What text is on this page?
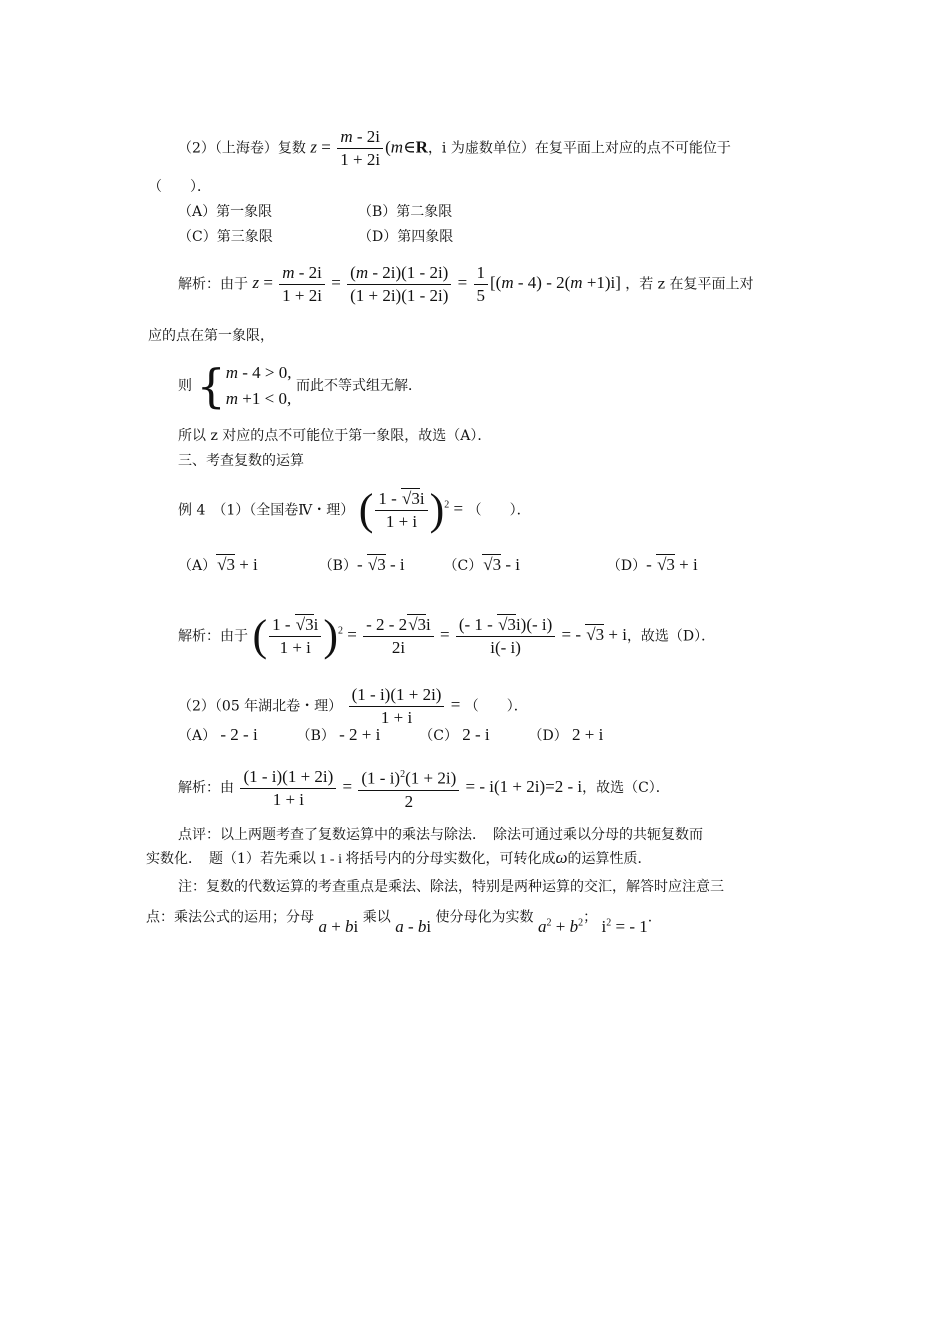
（2）（上海卷）复数 $z = \frac{m - 2i}{1 + 2i}$ (m∈R，i 为虚数单位）在复平面上对应的点不可能位于
（　　）．
（A）第一象限	（B）第二象限
（C）第三象限	（D）第四象限
解析：由于 $z = \frac{m - 2i}{1 + 2i} = \frac{(m - 2i)(1 - 2i)}{(1 + 2i)(1 - 2i)} = \frac{1}{5} [(m - 4) - 2(m +1)i]$ ，若 z 在复平面上对
应的点在第一象限，
则 {m - 4 > 0,
m +1 < 0, 而此不等式组无解．
所以 z 对应的点不可能位于第一象限，故选（A）．
三、考查复数的运算
例 4　（1）（全国卷Ⅳ・理） ( $\frac{1 - √3i}{1 + i} )^2$ = （　　）．
（A）√3 + i	（B）- √3 - i	（C）√3 - i	（D）- √3 + i
解析：由于 ( $\frac{1 - √3i}{1 + i} )^2 = \frac{- 2 - 2√3i}{2i} = \frac{(- 1 - √3i)(- i)}{i(- i)}$ = - √3 + i，故选（D）．
（2）（05 年湖北卷・理） $\frac{(1 - i)(1 + 2i)}{1 + i}$ = （　　）．
（A） - 2 - i	（B） - 2 + i	（C） 2 - i	（D） 2 + i
解析：由 $\frac{(1 - i)(1 + 2i)}{1 + i} = \frac{(1 - i)^2(1 + 2i)}{2}$ = - i(1 + 2i)=2 - i，故选（C）．
点评：以上两题考查了复数运算中的乘法与除法．　除法可通过乘以分母的共轭复数而
实数化．　题（1）若先乘以 1 - i 将括号内的分母实数化，可转化成ω的运算性质．
注：复数的代数运算的考查重点是乘法、除法，特别是两种运算的交汇，解答时应注意三
点：乘法公式的运用；分母 a + bi 乘以 a - bi 使分母化为实数 $a^2 + b^2$； $i^2$ = - 1.
